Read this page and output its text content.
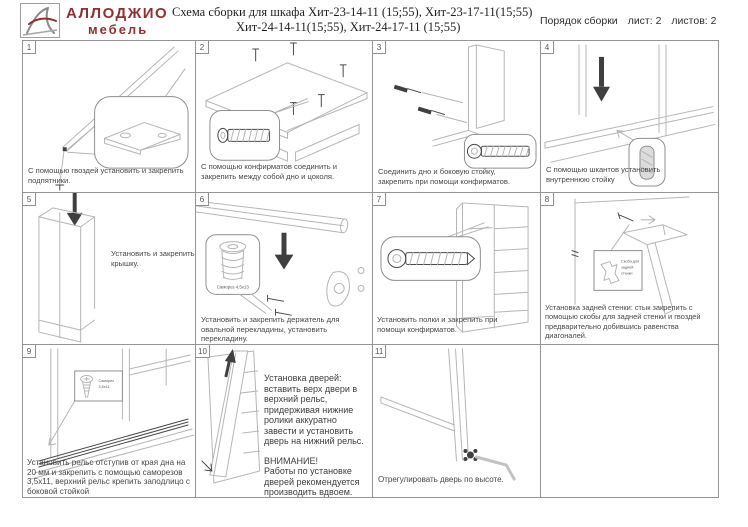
АЛЛОДЖИО
мебель
Схема сборки для шкафа Хит-23-14-11 (15;55), Хит-23-17-11(15;55)
Хит-24-14-11(15;55), Хит-24-17-11 (15;55)	Порядок сборки лист: 2 листов: 2
1
С помощью гвоздей установить и закрепить подпятники.
2
С помощью конфирматов соединить и закрепить между собой дно и цоколя.
3
Соединить дно и боковую стойку, закрепить при помощи конфирматов.
4
С помощью шкантов установить внутреннюю стойку
5
Установить и закрепить крышку.
6
Саморез 4,5х13
Установить и закрепить держатель для овальной перекладины, установить перекладину.
7
Установить полки и закрепить при помощи конфирматов.
8
Скоба для
задней
стенки
Установка задней стенки: стык закрепить с помощью скобы для задней стенки и гвоздей предварительно добившись равенства диагоналей.
9
Саморез
3,5х11
Установить рельс отступив от края дна на 20 мм и закрепить с помощью саморезов 3,5х11, верхний рельс крепить заподлицо с боковой стойкой
10
Установка дверей: вставить верх двери в верхний рельс, придерживая нижние ролики аккуратно завести и установить дверь на нижний рельс.
ВНИМАНИЕ!
Работы по установке дверей рекомендуется производить вдвоем.
11
Отрегулировать дверь по высоте.
